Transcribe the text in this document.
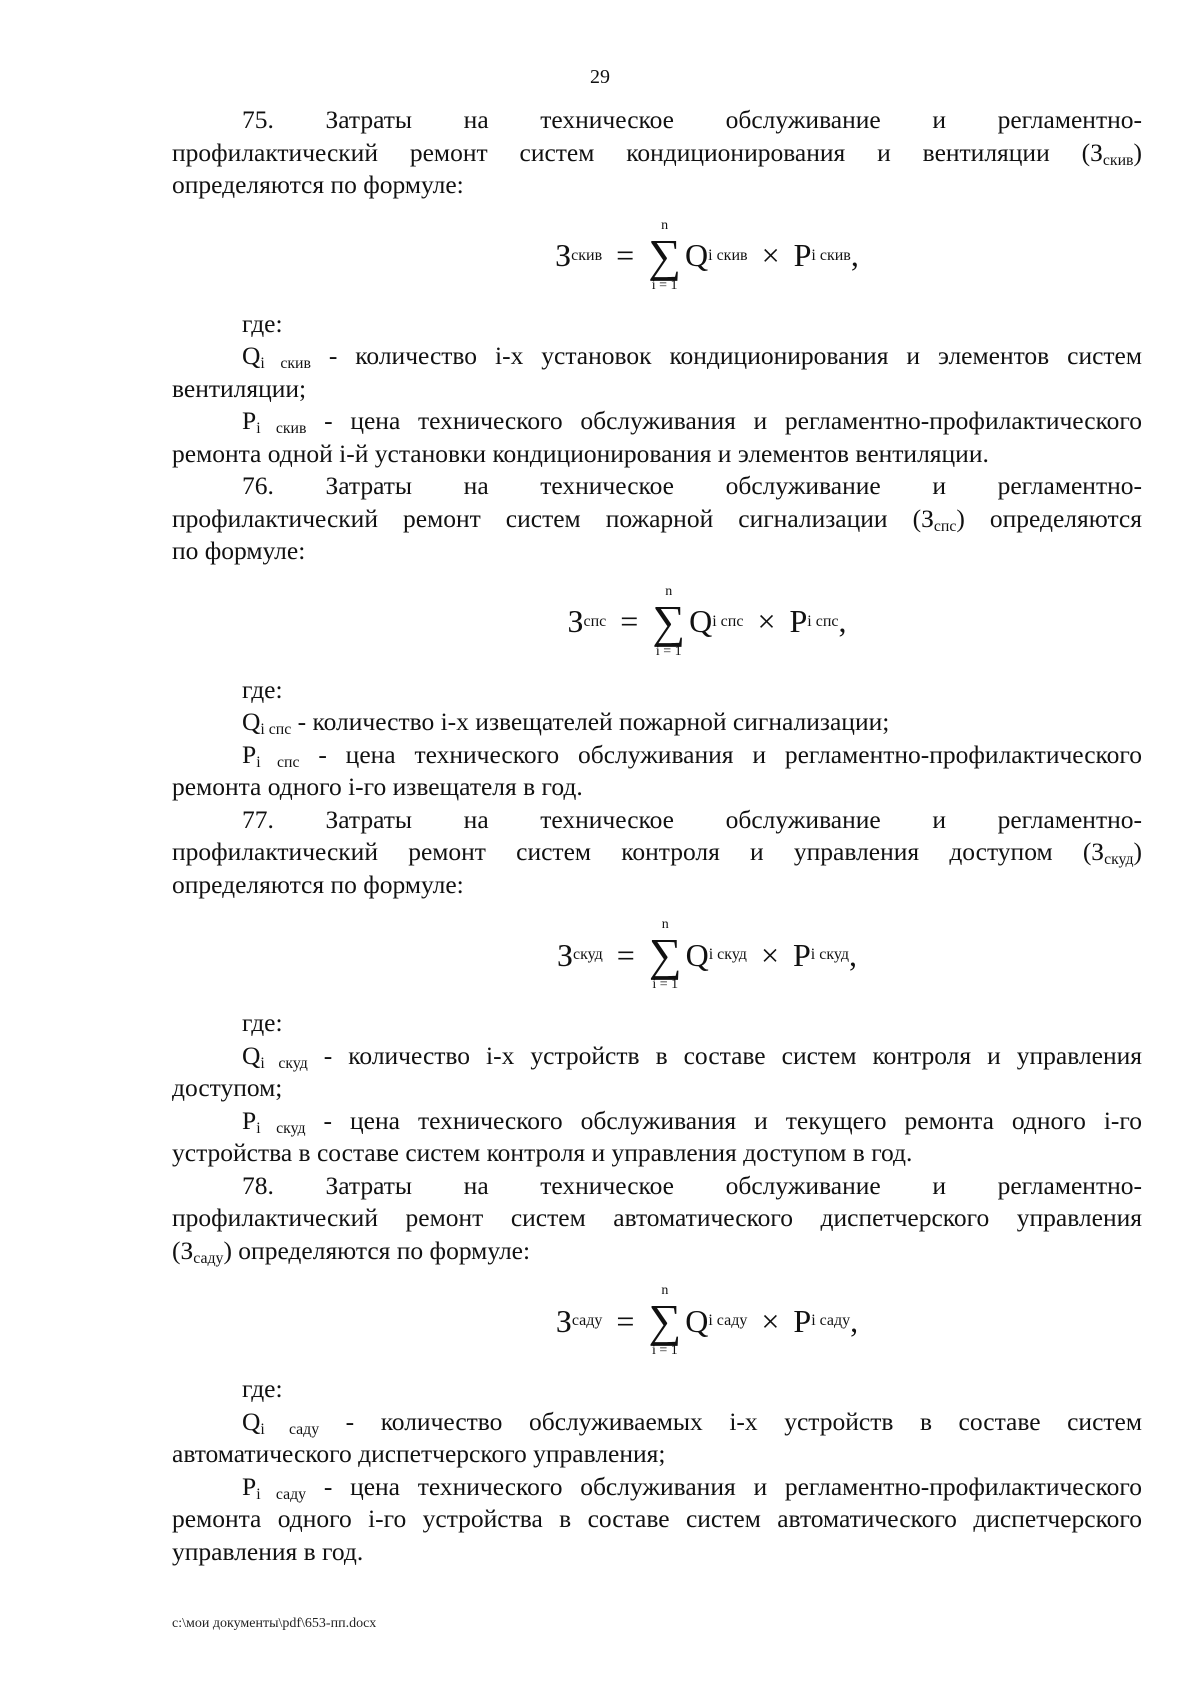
29

75. Затраты на техническое обслуживание и регламентно-

профилактический ремонт систем кондиционирования и вентиляции $(З_{скив})$

определяются по формуле:

З скив =
n
∑
i = 1
Q i скив × P i скив ,

где:

$Q_{i скив}$ - количество i-х установок кондиционирования и элементов систем вентиляции;

$P_{i скив}$ - цена технического обслуживания и регламентно-профилактического ремонта одной i-й установки кондиционирования и элементов вентиляции.

76. Затраты на техническое обслуживание и регламентно-

профилактический ремонт систем пожарной сигнализации $(З_{спс})$ определяются

по формуле:

З спс =
n
∑
i = 1
Q i спс × P i спс ,

где:

$Q_{i спс}$ - количество i-х извещателей пожарной сигнализации;

$P_{i спс}$ - цена технического обслуживания и регламентно-профилактического ремонта одного i-го извещателя в год.

77. Затраты на техническое обслуживание и регламентно-

профилактический ремонт систем контроля и управления доступом $(З_{скуд})$

определяются по формуле:

З скуд =
n
∑
i = 1
Q i скуд × P i скуд ,

где:

$Q_{i скуд}$ - количество i-х устройств в составе систем контроля и управления доступом;

$P_{i скуд}$ - цена технического обслуживания и текущего ремонта одного i-го устройства в составе систем контроля и управления доступом в год.

78. Затраты на техническое обслуживание и регламентно-

профилактический ремонт систем автоматического диспетчерского управления

$(З_{саду})$ определяются по формуле:

З саду =
n
∑
i = 1
Q i саду × P i саду ,

где:

$Q_{i саду}$ - количество обслуживаемых i-х устройств в составе систем автоматического диспетчерского управления;

$P_{i саду}$ - цена технического обслуживания и регламентно-профилактического ремонта одного i-го устройства в составе систем автоматического диспетчерского управления в год.

c:\мои документы\pdf\653-пп.docx
